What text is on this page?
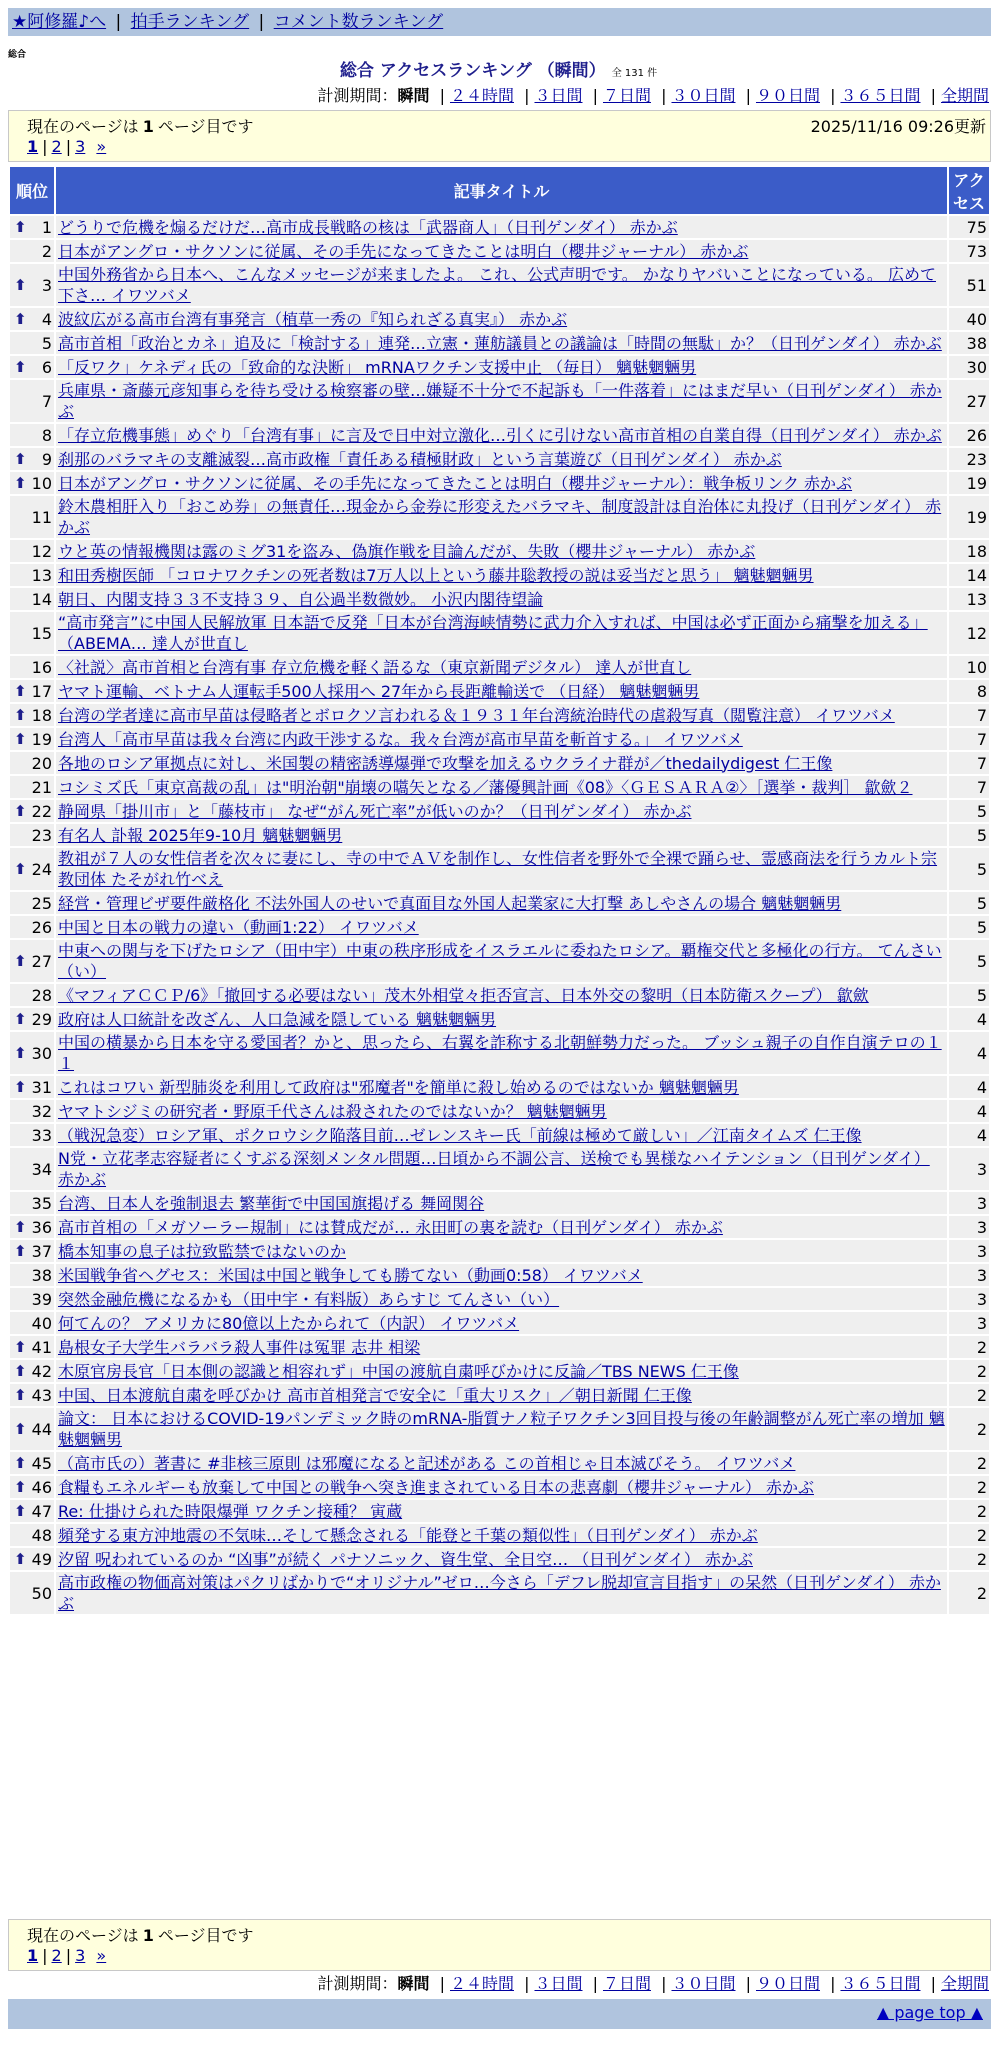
★阿修羅♪へ | 拍手ランキング | コメント数ランキング
総合
総合 アクセスランキング （瞬間） 全 131 件
計測期間：瞬間 | ２４時間 | ３日間 | ７日間 | ３０日間 | ９０日間 | ３６５日間 | 全期間
現在のページは 1 ページ目です	2025/11/16 09:26更新
1 | 2 | 3 »
順位	記事タイトル	アクセス

⬆ 1	どうりで危機を煽るだけだ…高市成長戦略の核は「武器商人」（日刊ゲンダイ） 赤かぶ	75
2	日本がアングロ・サクソンに従属、その手先になってきたことは明白（櫻井ジャーナル） 赤かぶ	73

⬆ 3	中国外務省から日本へ、こんなメッセージが来ましたよ。 これ、公式声明です。 かなりヤバいことになっている。 広めて下さ… イワツバメ	51

⬆ 4	波紋広がる高市台湾有事発言（植草一秀の『知られざる真実』） 赤かぶ	40
5	高市首相「政治とカネ」追及に「検討する」連発…立憲・蓮舫議員との議論は「時間の無駄」か？（日刊ゲンダイ） 赤かぶ	38

⬆ 6	「反ワク」ケネディ氏の「致命的な決断」 mRNAワクチン支援中止 （毎日） 魑魅魍魎男	30
7	兵庫県・斎藤元彦知事らを待ち受ける検察審の壁…嫌疑不十分で不起訴も「一件落着」にはまだ早い（日刊ゲンダイ） 赤かぶ	27
8	「存立危機事態」めぐり「台湾有事」に言及で日中対立激化…引くに引けない高市首相の自業自得（日刊ゲンダイ） 赤かぶ	26

⬆ 9	刹那のバラマキの支離滅裂…高市政権「責任ある積極財政」という言葉遊び（日刊ゲンダイ） 赤かぶ	23

⬆ 10	日本がアングロ・サクソンに従属、その手先になってきたことは明白（櫻井ジャーナル）：戦争板リンク 赤かぶ	19
11	鈴木農相肝入り「おこめ券」の無責任…現金から金券に形変えたバラマキ、制度設計は自治体に丸投げ（日刊ゲンダイ） 赤かぶ	19
12	ウと英の情報機関は露のミグ31を盗み、偽旗作戦を目論んだが、失敗（櫻井ジャーナル） 赤かぶ	18
13	和田秀樹医師 「コロナワクチンの死者数は7万人以上という藤井聡教授の説は妥当だと思う」 魑魅魍魎男	14
14	朝日、内閣支持３３不支持３９、自公過半数微妙。 小沢内閣待望論	13
15	“高市発言”に中国人民解放軍 日本語で反発「日本が台湾海峡情勢に武力介入すれば、中国は必ず正面から痛撃を加える」（ABEMA… 達人が世直し	12
16	〈社説〉高市首相と台湾有事 存立危機を軽く語るな（東京新聞デジタル） 達人が世直し	10

⬆ 17	ヤマト運輸、ベトナム人運転手500人採用へ 27年から長距離輸送で （日経） 魑魅魍魎男	8

⬆ 18	台湾の学者達に高市早苗は侵略者とボロクソ言われる＆１９３１年台湾統治時代の虐殺写真（閲覧注意） イワツバメ	7

⬆ 19	台湾人「高市早苗は我々台湾に内政干渉するな。我々台湾が高市早苗を斬首する。」 イワツバメ	7
20	各地のロシア軍拠点に対し、米国製の精密誘導爆弾で攻撃を加えるウクライナ群が／thedailydigest 仁王像	7
21	コシミズ氏「東京高裁の乱」は"明治朝"崩壊の嚆矢となる／藩優興計画《08》〈ＧＥＳＡＲＡ②〉［選挙・裁判］ 歙歛２	7

⬆ 22	静岡県「掛川市」と「藤枝市」 なぜ“がん死亡率”が低いのか？（日刊ゲンダイ） 赤かぶ	5
23	有名人 訃報 2025年9-10月 魑魅魍魎男	5

⬆ 24	教祖が７人の女性信者を次々に妻にし、寺の中でＡＶを制作し、女性信者を野外で全裸で踊らせ、霊感商法を行うカルト宗教団体 たそがれ竹べえ	5
25	経営・管理ビザ要件厳格化 不法外国人のせいで真面目な外国人起業家に大打撃 あしやさんの場合 魑魅魍魎男	5
26	中国と日本の戦力の違い（動画1:22） イワツバメ	5

⬆ 27	中東への関与を下げたロシア（田中宇）中東の秩序形成をイスラエルに委ねたロシア。覇権交代と多極化の行方。 てんさい（い）	5
28	《マフィアＣＣＰ/6》「撤回する必要はない」茂木外相堂々拒否宣言、日本外交の黎明（日本防衛スクープ） 歙歛	5

⬆ 29	政府は人口統計を改ざん、人口急減を隠している 魑魅魍魎男	4

⬆ 30	中国の横暴から日本を守る愛国者？かと、思ったら、右翼を詐称する北朝鮮勢力だった。 ブッシュ親子の自作自演テロの１１	4

⬆ 31	これはコワい 新型肺炎を利用して政府は"邪魔者"を簡単に殺し始めるのではないか 魑魅魍魎男	4
32	ヤマトシジミの研究者・野原千代さんは殺されたのではないか？ 魑魅魍魎男	4
33	（戦況急変）ロシア軍、ポクロウシク陥落目前…ゼレンスキー氏「前線は極めて厳しい」／江南タイムズ 仁王像	4
34	N党・立花孝志容疑者にくすぶる深刻メンタル問題…日頃から不調公言、送検でも異様なハイテンション（日刊ゲンダイ） 赤かぶ	3
35	台湾、日本人を強制退去 繁華街で中国国旗掲げる 舞岡関谷	3

⬆ 36	高市首相の「メガソーラー規制」には賛成だが… 永田町の裏を読む（日刊ゲンダイ） 赤かぶ	3

⬆ 37	橋本知事の息子は拉致監禁ではないのか	3
38	米国戦争省ヘグセス：米国は中国と戦争しても勝てない（動画0:58） イワツバメ	3
39	突然金融危機になるかも（田中宇・有料版）あらすじ てんさい（い）	3
40	何てんの？ アメリカに80億以上たかられて（内訳） イワツバメ	3

⬆ 41	島根女子大学生バラバラ殺人事件は冤罪 志井 相梁	2

⬆ 42	木原官房長官「日本側の認識と相容れず」中国の渡航自粛呼びかけに反論／TBS NEWS 仁王像	2

⬆ 43	中国、日本渡航自粛を呼びかけ 高市首相発言で安全に「重大リスク」／朝日新聞 仁王像	2

⬆ 44	論文： 日本におけるCOVID-19パンデミック時のmRNA-脂質ナノ粒子ワクチン3回目投与後の年齢調整がん死亡率の増加 魑魅魍魎男	2

⬆ 45	（高市氏の）著書に #非核三原則 は邪魔になると記述がある この首相じゃ日本滅びそう。 イワツバメ	2

⬆ 46	食糧もエネルギーも放棄して中国との戦争へ突き進まされている日本の悲喜劇（櫻井ジャーナル） 赤かぶ	2

⬆ 47	Re: 仕掛けられた時限爆弾 ワクチン接種？ 寅蔵	2
48	頻発する東方沖地震の不気味…そして懸念される「能登と千葉の類似性」（日刊ゲンダイ） 赤かぶ	2

⬆ 49	汐留 呪われているのか “凶事”が続く パナソニック、資生堂、全日空… （日刊ゲンダイ） 赤かぶ	2
50	高市政権の物価高対策はパクリばかりで“オリジナル”ゼロ…今さら「デフレ脱却宣言目指す」の呆然（日刊ゲンダイ） 赤かぶ	2
現在のページは 1 ページ目です
1 | 2 | 3 »
計測期間：瞬間 | ２４時間 | ３日間 | ７日間 | ３０日間 | ９０日間 | ３６５日間 | 全期間
▲ page top ▲
